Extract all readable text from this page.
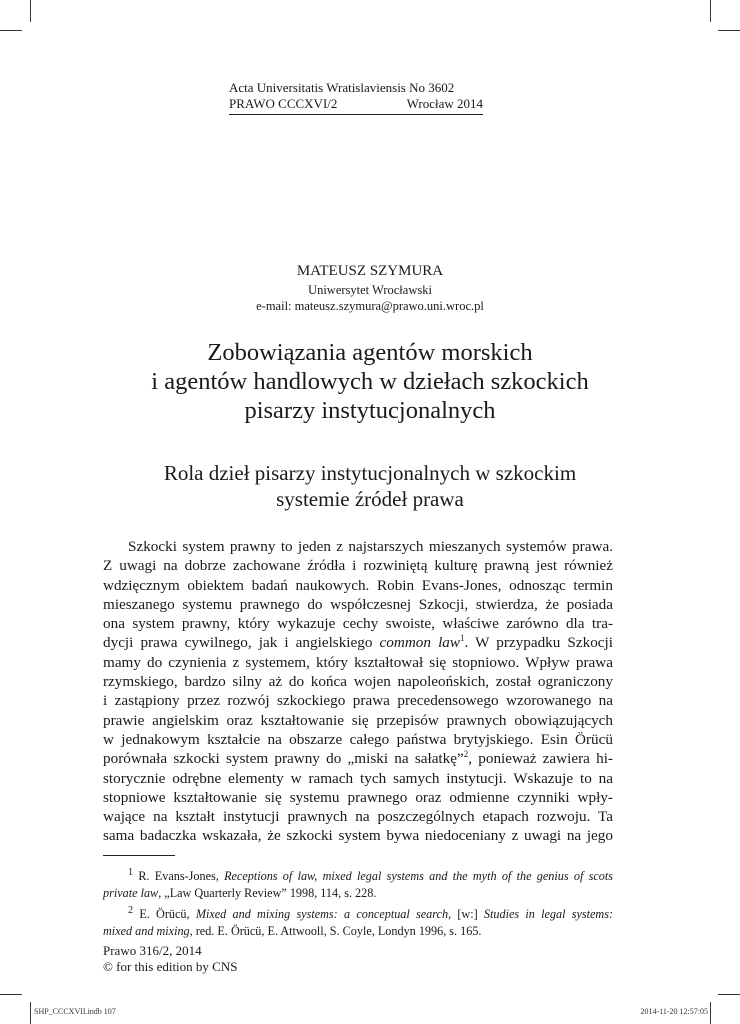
Acta Universitatis Wratislaviensis No 3602
PRAWO CCCXVI/2	Wrocław 2014
MATEUSZ SZYMURA
Uniwersytet Wrocławski
e-mail: mateusz.szymura@prawo.uni.wroc.pl
Zobowiązania agentów morskich
i agentów handlowych w dziełach szkockich
pisarzy instytucjonalnych
Rola dzieł pisarzy instytucjonalnych w szkockim
systemie źródeł prawa
Szkocki system prawny to jeden z najstarszych mieszanych systemów prawa.
Z uwagi na dobrze zachowane źródła i rozwiniętą kulturę prawną jest również
wdzięcznym obiektem badań naukowych. Robin Evans-Jones, odnosząc termin
mieszanego systemu prawnego do współczesnej Szkocji, stwierdza, że posiada
ona system prawny, który wykazuje cechy swoiste, właściwe zarówno dla tra-
dycji prawa cywilnego, jak i angielskiego common law$^1$. W przypadku Szkocji
mamy do czynienia z systemem, który kształtował się stopniowo. Wpływ prawa
rzymskiego, bardzo silny aż do końca wojen napoleońskich, został ograniczony
i zastąpiony przez rozwój szkockiego prawa precedensowego wzorowanego na
prawie angielskim oraz kształtowanie się przepisów prawnych obowiązujących
w jednakowym kształcie na obszarze całego państwa brytyjskiego. Esin Örücü
porównała szkocki system prawny do „miski na sałatkę”$^2$, ponieważ zawiera hi-
storycznie odrębne elementy w ramach tych samych instytucji. Wskazuje to na
stopniowe kształtowanie się systemu prawnego oraz odmienne czynniki wpły-
wające na kształt instytucji prawnych na poszczególnych etapach rozwoju. Ta
sama badaczka wskazała, że szkocki system bywa niedoceniany z uwagi na jego
$^1$ R. Evans-Jones, Receptions of law, mixed legal systems and the myth of the genius of scots
private law, „Law Quarterly Review” 1998, 114, s. 228.
$^2$ E. Örücü, Mixed and mixing systems: a conceptual search, [w:] Studies in legal systems:
mixed and mixing, red. E. Örücü, E. Attwooll, S. Coyle, Londyn 1996, s. 165.
Prawo 316/2, 2014
© for this edition by CNS
SHP_CCCXVII.indb 107	2014-11-20 12:57:05
